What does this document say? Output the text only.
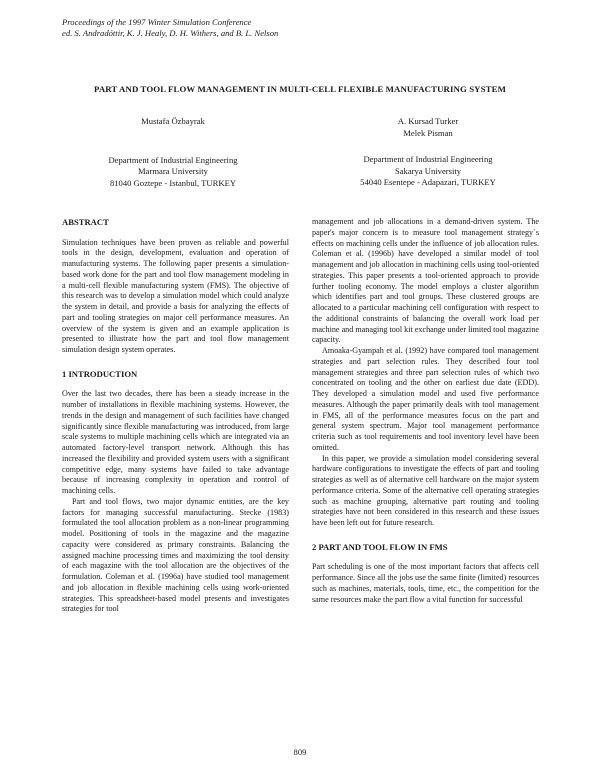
Proceedings of the 1997 Winter Simulation Conference
ed. S. Andradóttir, K. J. Healy, D. H. Withers, and B. L. Nelson
PART AND TOOL FLOW MANAGEMENT IN MULTI-CELL FLEXIBLE MANUFACTURING SYSTEM
Mustafa Özbayrak
Department of Industrial Engineering
Marmara University
81040 Goztepe - Istanbul, TURKEY
A. Kursad Turker
Melek Pisman
Department of Industrial Engineering
Sakarya University
54040 Esentepe - Adapazari, TURKEY
ABSTRACT

Simulation techniques have been proven as reliable and powerful tools in the design, development, evaluation and operation of manufacturing systems. The following paper presents a simulation-based work done for the part and tool flow management modeling in a multi-cell flexible manufacturing system (FMS). The objective of this research was to develop a simulation model which could analyze the system in detail, and provide a basis for analyzing the effects of part and tooling strategies on major cell performance measures. An overview of the system is given and an example application is presented to illustrate how the part and tool flow management simulation design system operates.

1 INTRODUCTION

Over the last two decades, there has been a steady increase in the number of installations in flexible machining systems. However, the trends in the design and management of such facilities have changed significantly since flexible manufacturing was introduced, from large scale systems to multiple machining cells which are integrated via an automated factory-level transport network. Although this has increased the flexibility and provided system users with a significant competitive edge, many systems have failed to take advantage because of increasing complexity in operation and control of machining cells.

Part and tool flows, two major dynamic entities, are the key factors for managing successful manufacturing. Stecke (1983) formulated the tool allocation problem as a non-linear programming model. Positioning of tools in the magazine and the magazine capacity were considered as primary constraints. Balancing the assigned machine processing times and maximizing the tool density of each magazine with the tool allocation are the objectives of the formulation. Coleman et al. (1996a) have studied tool management and job allocation in flexible machining cells using work-oriented strategies. This spreadsheet-based model presents and investigates strategies for tool

management and job allocations in a demand-driven system. The paper's major concern is to measure tool management strategy`s effects on machining cells under the influence of job allocation rules. Coleman et al. (1996b) have developed a similar model of tool management and job allocation in machining cells using tool-oriented strategies. This paper presents a tool-oriented approach to provide further tooling economy. The model employs a cluster algorithm which identifies part and tool groups. These clustered groups are allocated to a particular machining cell configuration with respect to the additional constraints of balancing the overall work load per machine and managing tool kit exchange under limited tool magazine capacity.

Amoaka-Gyampah et al. (1992) have compared tool management strategies and part selection rules. They described four tool management strategies and three part selection rules of which two concentrated on tooling and the other on earliest due date (EDD). They developed a simulation model and used five performance measures. Although the paper primarily deals with tool management in FMS, all of the performance measures focus on the part and general system spectrum. Major tool management performance criteria such as tool requirements and tool inventory level have been omitted.

In this paper, we provide a simulation model considering several hardware configurations to investigate the effects of part and tooling strategies as well as of alternative cell hardware on the major system performance criteria. Some of the alternative cell operating strategies such as machine grouping, alternative part routing and tooling strategies have not been considered in this research and these issues have been left out for future research.

2 PART AND TOOL FLOW IN FMS

Part scheduling is one of the most important factors that affects cell performance. Since all the jobs use the same finite (limited) resources such as machines, materials, tools, time, etc., the competition for the same resources make the part flow a vital function for successful

809
